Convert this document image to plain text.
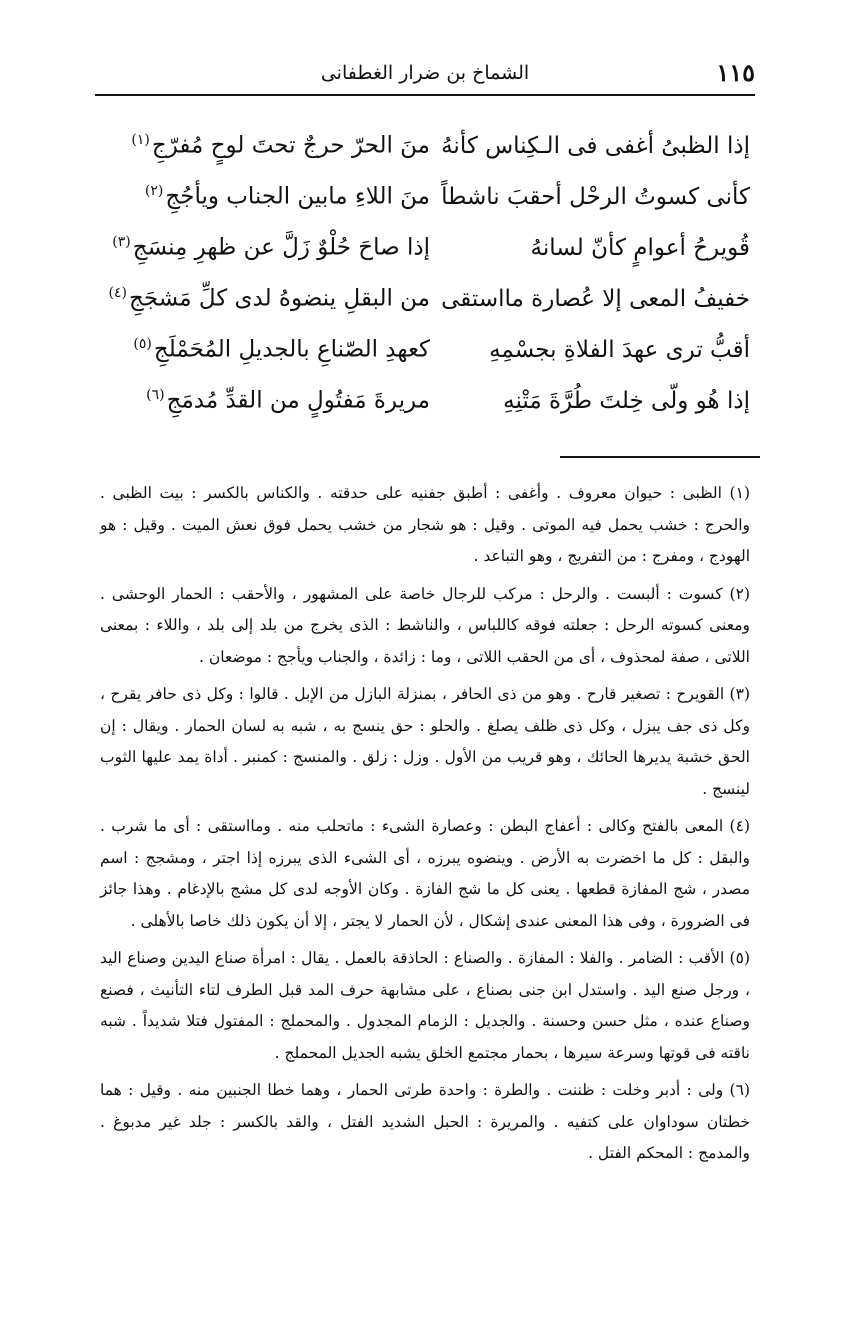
١١٥
الشماخ بن ضرار الغطفانى
إذا الظبىُ أغفى فى الـكِناس كأنهُ
منَ الحرّ حرجٌ تحتَ لوحٍ مُفرّجِ$^{(١)}$
كأنى كسوتُ الرحْل أحقبَ ناشطاً
منَ اللاءِ مابين الجناب ويأجُجِ$^{(٢)}$
قُويرحُ أعوامٍ كأنّ لسانهُ
إذا صاحَ حُلْوٌ زَلَّ عن ظهرِ مِنسَجِ$^{(٣)}$
خفيفُ المعى إلا عُصارة مااستقى
من البقلِ ينضوهُ لدى كلِّ مَشجَجِ$^{(٤)}$
أقبُّ ترى عهدَ الفلاةِ بجسْمِهِ
كعهدِ الصّناعِ بالجديلِ المُحَمْلَجِ$^{(٥)}$
إذا هُو ولّى خِلتَ طُرَّةَ مَتْنِهِ
مريرةَ مَفتُولٍ من القدِّ مُدمَجِ$^{(٦)}$

(١) الظبى : حيوان معروف . وأغفى : أطبق جفنيه على حدقته . والكناس بالكسر : بيت الظبى . والحرج : خشب يحمل فيه الموتى . وقيل : هو شجار من خشب يحمل فوق نعش الميت . وقيل : هو الهودج ، ومفرج : من التفريج ، وهو التباعد .

(٢) كسوت : ألبست . والرحل : مركب للرجال خاصة على المشهور ، والأحقب : الحمار الوحشى . ومعنى كسوته الرحل : جعلته فوقه كاللباس ، والناشط : الذى يخرج من بلد إلى بلد ، واللاء : بمعنى اللاتى ، صفة لمحذوف ، أى من الحقب اللاتى ، وما : زائدة ، والجناب ويأجج : موضعان .

(٣) القويرح : تصغير قارح . وهو من ذى الحافر ، بمنزلة البازل من الإبل . قالوا : وكل ذى حافر يقرح ، وكل ذى جف يبزل ، وكل ذى ظلف يصلغ . والحلو : حق ينسج به ، شبه به لسان الحمار . ويقال : إن الحق خشبة يديرها الحائك ، وهو قريب من الأول . وزل : زلق . والمنسج : كمنبر . أداة يمد عليها الثوب لينسج .

(٤) المعى بالفتح وكالى : أعفاج البطن : وعصارة الشىء : ماتحلب منه . ومااستقى : أى ما شرب . والبقل : كل ما اخضرت به الأرض . وينضوه يبرزه ، أى الشىء الذى يبرزه إذا اجتر ، ومشجج : اسم مصدر ، شج المفازة قطعها . يعنى كل ما شج الفازة . وكان الأوجه لدى كل مشج بالإدغام . وهذا جائز فى الضرورة ، وفى هذا المعنى عندى إشكال ، لأن الحمار لا يجتر ، إلا أن يكون ذلك خاصا بالأهلى .

(٥) الأقب : الضامر . والفلا : المفازة . والصناع : الحاذقة بالعمل . يقال : امرأة صناع اليدين وصناع اليد ، ورجل صنع اليد . واستدل ابن جنى بصناع ، على مشابهة حرف المد قبل الطرف لتاء التأنيث ، فصنع وصناع عنده ، مثل حسن وحسنة . والجديل : الزمام المجدول . والمحملج : المفتول فتلا شديداً . شبه ناقته فى قوتها وسرعة سيرها ، بحمار مجتمع الخلق يشبه الجديل المحملج .

(٦) ولى : أدبر وخلت : ظننت . والطرة : واحدة طرتى الحمار ، وهما خطا الجنبين منه . وقيل : هما خطتان سوداوان على كتفيه . والمريرة : الحبل الشديد الفتل ، والقد بالكسر : جلد غير مدبوغ . والمدمج : المحكم الفتل .
